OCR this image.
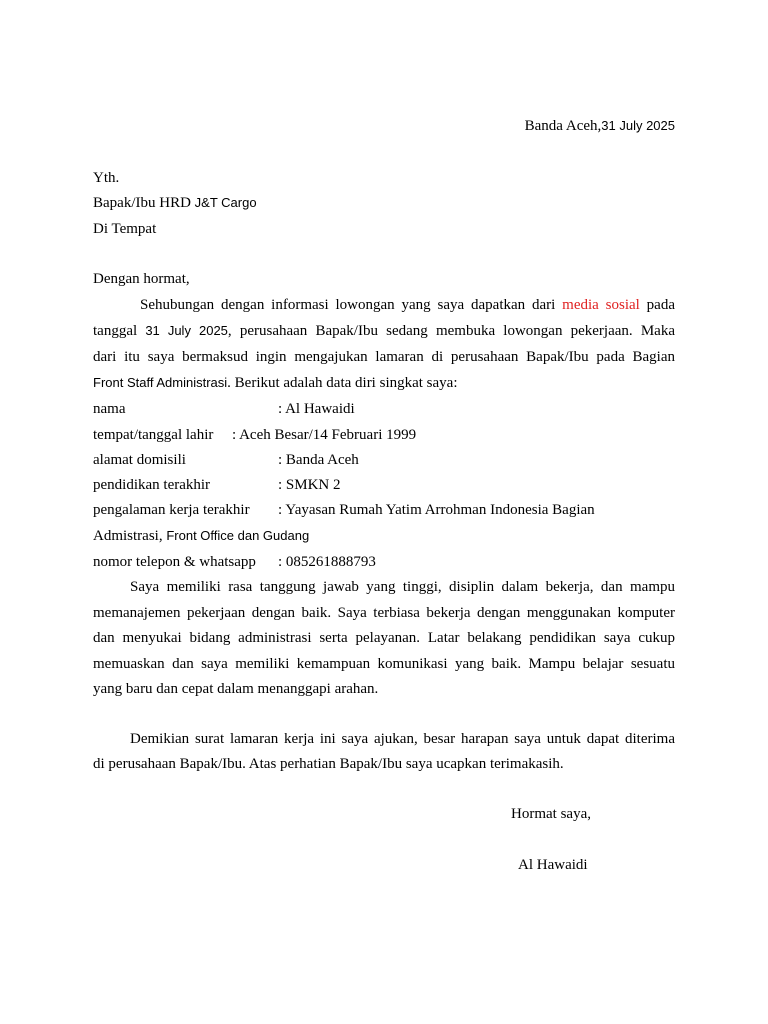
Banda Aceh,31 July 2025
Yth.
Bapak/Ibu HRD J&T Cargo
Di Tempat
Dengan hormat,
Sehubungan dengan informasi lowongan yang saya dapatkan dari media sosial pada
tanggal 31 July 2025, perusahaan Bapak/Ibu sedang membuka lowongan pekerjaan. Maka
dari itu saya bermaksud ingin mengajukan lamaran di perusahaan Bapak/Ibu pada Bagian
Front Staff Administrasi. Berikut adalah data diri singkat saya:
nama	: Al Hawaidi
tempat/tanggal lahir : Aceh Besar/14 Februari 1999
alamat domisili	: Banda Aceh
pendidikan terakhir	: SMKN 2
pengalaman kerja terakhir : Yayasan Rumah Yatim Arrohman Indonesia Bagian
Admistrasi, Front Office dan Gudang
nomor telepon & whatsapp : 085261888793
Saya memiliki rasa tanggung jawab yang tinggi, disiplin dalam bekerja, dan mampu
memanajemen pekerjaan dengan baik. Saya terbiasa bekerja dengan menggunakan komputer
dan menyukai bidang administrasi serta pelayanan. Latar belakang pendidikan saya cukup
memuaskan dan saya memiliki kemampuan komunikasi yang baik. Mampu belajar sesuatu
yang baru dan cepat dalam menanggapi arahan.
Demikian surat lamaran kerja ini saya ajukan, besar harapan saya untuk dapat diterima
di perusahaan Bapak/Ibu. Atas perhatian Bapak/Ibu saya ucapkan terimakasih.
Hormat saya,
Al Hawaidi
